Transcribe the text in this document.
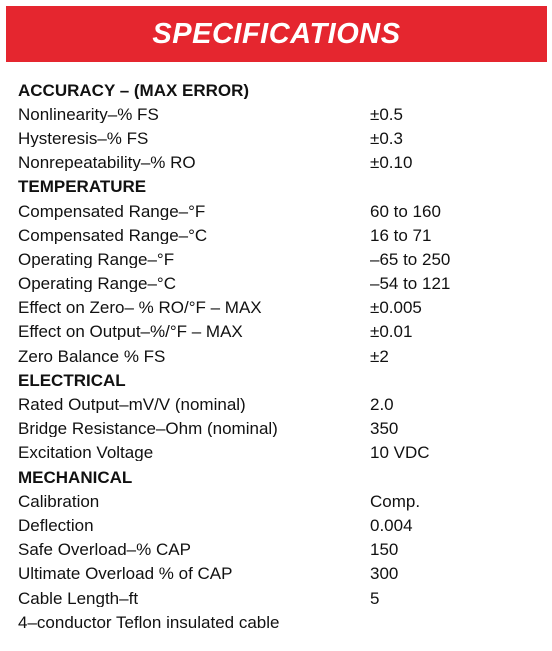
SPECIFICATIONS
ACCURACY – (MAX ERROR)
Nonlinearity–% FS	±0.5
Hysteresis–% FS	±0.3
Nonrepeatability–% RO	±0.10
TEMPERATURE
Compensated Range–°F	60 to 160
Compensated Range–°C	16 to 71
Operating Range–°F	–65 to 250
Operating Range–°C	–54 to 121
Effect on Zero– % RO/°F – MAX	±0.005
Effect on Output–%/°F – MAX	±0.01
Zero Balance % FS	±2
ELECTRICAL
Rated Output–mV/V (nominal)	2.0
Bridge Resistance–Ohm (nominal)	350
Excitation Voltage	10 VDC
MECHANICAL
Calibration	Comp.
Deflection	0.004
Safe Overload–% CAP	150
Ultimate Overload % of CAP	300
Cable Length–ft	5
4–conductor Teflon insulated cable
